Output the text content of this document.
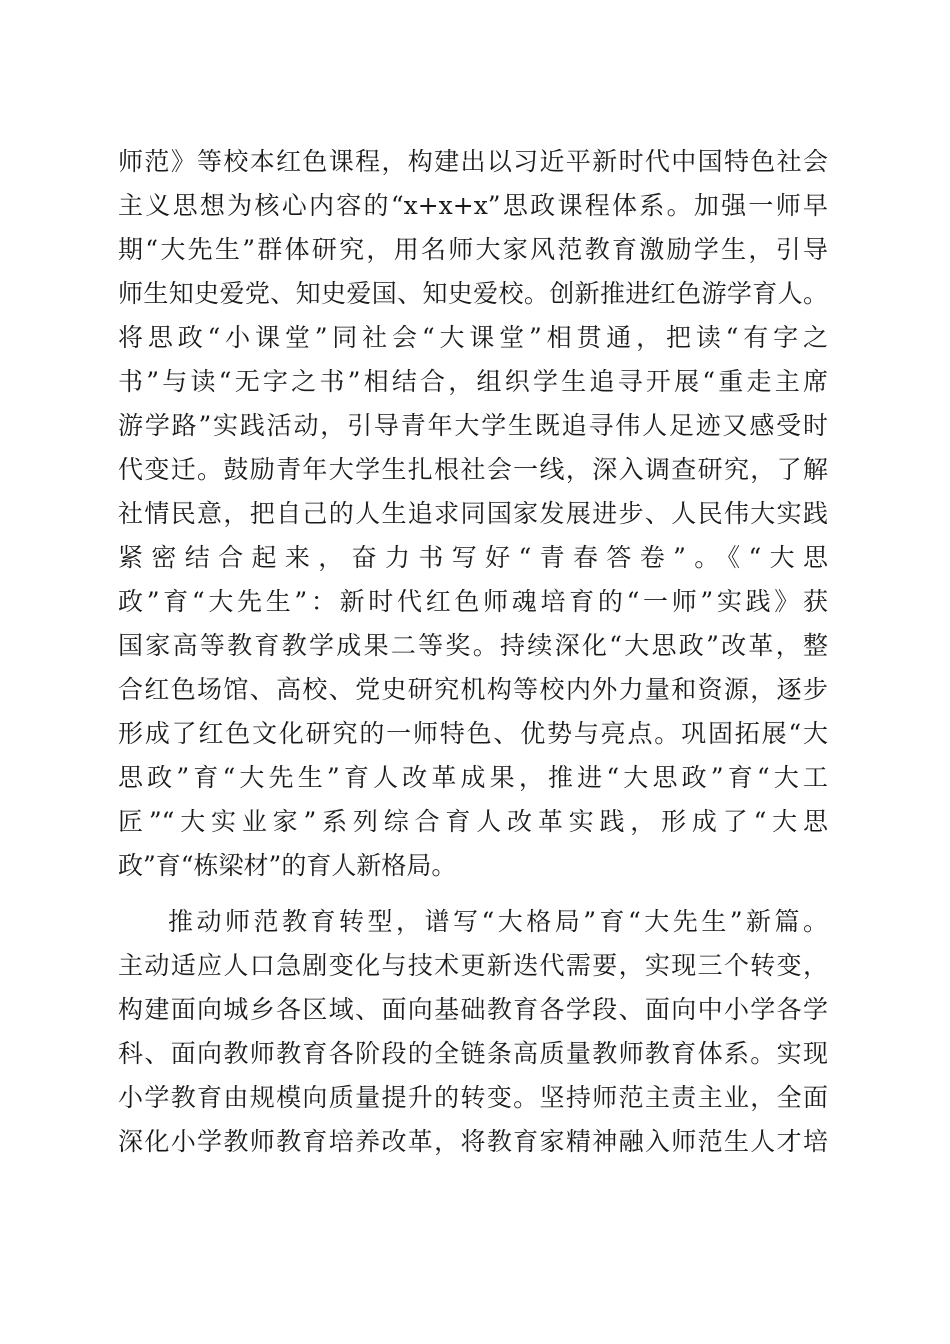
师范》等校本红色课程，构建出以习近平新时代中国特色社会
主义思想为核心内容的“x+x+x”思政课程体系。加强一师早
期“大先生”群体研究，用名师大家风范教育激励学生，引导
师生知史爱党、知史爱国、知史爱校。创新推进红色游学育人。
将思政“小课堂”同社会“大课堂”相贯通，把读“有字之
书”与读“无字之书”相结合，组织学生追寻开展“重走主席
游学路”实践活动，引导青年大学生既追寻伟人足迹又感受时
代变迁。鼓励青年大学生扎根社会一线，深入调查研究，了解
社情民意，把自己的人生追求同国家发展进步、人民伟大实践
紧密结合起来，奋力书写好“青春答卷”。《“大思
政”育“大先生”：新时代红色师魂培育的“一师”实践》获
国家高等教育教学成果二等奖。持续深化“大思政”改革，整
合红色场馆、高校、党史研究机构等校内外力量和资源，逐步
形成了红色文化研究的一师特色、优势与亮点。巩固拓展“大
思政”育“大先生”育人改革成果，推进“大思政”育“大工
匠”“大实业家”系列综合育人改革实践，形成了“大思
政”育“栋梁材”的育人新格局。
推动师范教育转型，谱写“大格局”育“大先生”新篇。
主动适应人口急剧变化与技术更新迭代需要，实现三个转变，
构建面向城乡各区域、面向基础教育各学段、面向中小学各学
科、面向教师教育各阶段的全链条高质量教师教育体系。实现
小学教育由规模向质量提升的转变。坚持师范主责主业，全面
深化小学教师教育培养改革，将教育家精神融入师范生人才培
